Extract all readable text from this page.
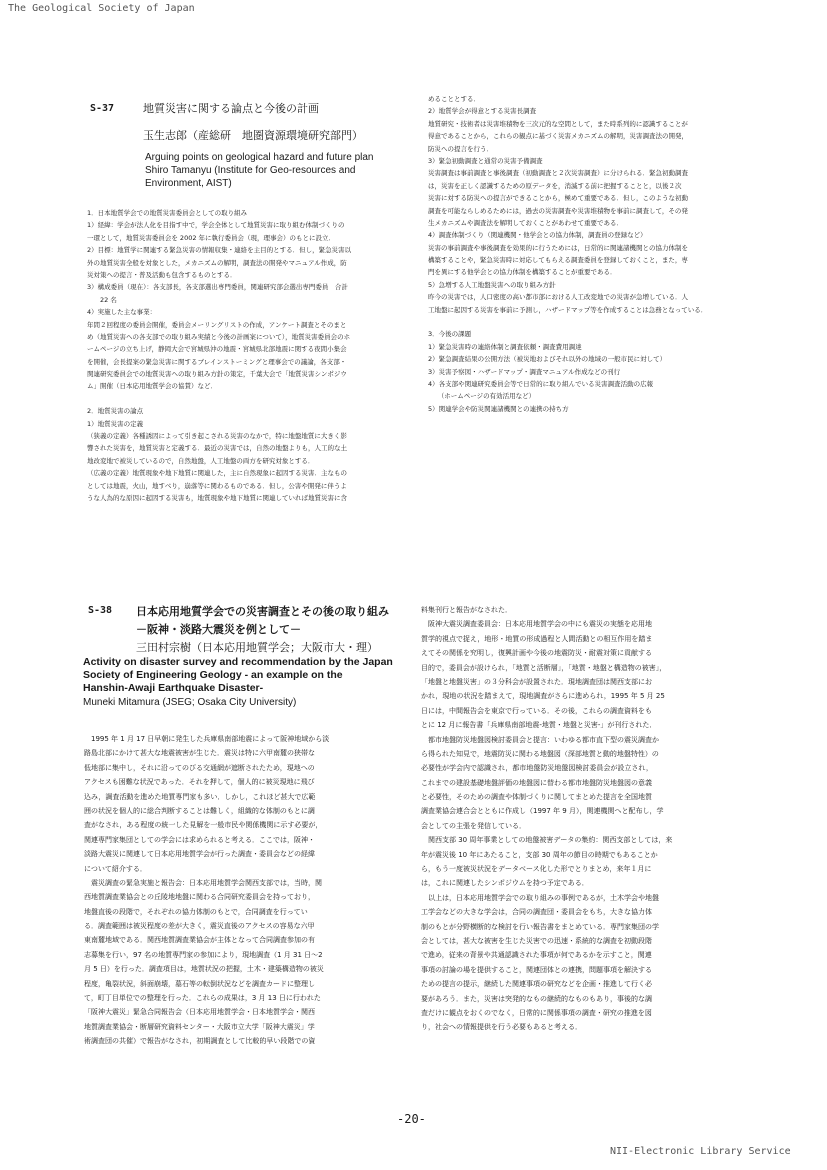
The Geological Society of Japan
-20-
NII-Electronic Library Service
S-37	地質災害に関する論点と今後の計画
玉生志郎（産総研　地圏資源環境研究部門）
Arguing points on geological hazard and future plan
Shiro Tamanyu (Institute for Geo-resources and
Environment, AIST)
1．日本地質学会での地質災害委員会としての取り組み
1）経緯：学会が法人化を目指す中で，学会全体として地質災害に取り組む体制づくりの
一環として，地質災害委員会を 2002 年に執行委員会（現，理事会）のもとに設立．
2）目標：地質学に関連する緊急災害の情報収集・連絡を主目的とする．但し，緊急災害以
外の地質災害全般を対象とした，メカニズムの解明，調査法の開発やマニュアル作成，防
災対策への提言・普及活動も包含するものとする．
3）構成委員（現在）：各支部長，各支部選出専門委員，関連研究部会選出専門委員　合計
　　22 名
4）実施した主な事業：
年間２回程度の委員会開催，委員会メーリングリストの作成，アンケート調査とそのまと
め（地質災害への各支部での取り組み実績と今後の計画案について），地質災害委員会のホ
ームページの立ち上げ，静岡大会で宮城県沖の地震・宮城県北部地震に関する夜間小集会
を開催，会長提案の緊急災害に関するブレインストーミングと理事会での議論，各支部・
関連研究委員会での地質災害への取り組み方針の策定，千葉大会で「地質災害シンポジウ
ム」開催（日本応用地質学会の協賛）など．
2．地質災害の論点
1）地質災害の定義
（狭義の定義）各種誘因によって引き起こされる災害のなかで，特に地盤地質に大きく影
響された災害を，地質災害と定義する．最近の災害では，自然の地盤よりも，人工的な土
地改変地で被災しているので，自然地盤，人工地盤の両方を研究対象とする．
（広義の定義）地質現象や地下地質に関連した，主に自然現象に起因する災害．主なもの
としては地震，火山，地すべり，崩落等に関わるものである．但し，公害や開発に伴うよ
うな人為的な原因に起因する災害も，地質現象や地下地質に関連していれば地質災害に含
めることとする．
2）地質学会が得意とする災害長調査
地質研究・技術者は災害堆積物を三次元的な空間として，また時系列的に認識することが
得意であることから，これらの観点に基づく災害メカニズムの解明，災害調査法の開発，
防災への提言を行う．
3）緊急初動調査と通常の災害予備調査
災害調査は事前調査と事後調査（初動調査と２次災害調査）に分けられる．緊急初動調査
は，災害を正しく認識するための原データを，消滅する前に把握することと，以後２次
災害に対する防災への提言ができることから，極めて重要である．但し，このような初動
調査を可能ならしめるためには，過去の災害調査や災害堆積物を事前に調査して，その発
生メカニズムや調査法を解明しておくことがあわせて重要である．
4）調査体制づくり（関連機関・他学会との協力体制，調査員の登録など）
災害の事前調査や事後調査を効果的に行うためには，日常的に関連諸機関との協力体制を
構築することや，緊急災害時に対応してもらえる調査委員を登録しておくこと，また，専
門を異にする他学会との協力体制を構築することが重要である．
5）急増する人工地盤災害への取り組み方針
昨今の災害では，人口密度の高い都市部における人工改変地での災害が急増している．人
工地盤に起因する災害を事前に予測し，ハザードマップ等を作成することは急務となっている．
3．今後の課題
1）緊急災害時の連絡体制と調査依頼・調査費用調達
2）緊急調査結果の公開方法（被災地およびそれ以外の地域の一般市民に対して）
3）災害予察図・ハザードマップ・調査マニュアル作成などの刊行
4）各支部や関連研究委員会等で日常的に取り組んでいる災害調査活動の広報
　　（ホームページの有効活用など）
5）関連学会や防災関連諸機関との連携の持ち方
S-38 日本応用地質学会での災害調査とその後の取り組み
－阪神・淡路大震災を例として－
三田村宗樹（日本応用地質学会；大阪市大・理）
Activity on disaster survey and recommendation by the Japan
Society of Engineering Geology - an example on the
Hanshin-Awaji Earthquake Disaster-
Muneki Mitamura (JSEG; Osaka City University)
　1995 年 1 月 17 日早朝に発生した兵庫県南部地震によって阪神地域から淡
路島北部にかけて甚大な地震被害が生じた．震災は特に六甲南麓の狭帯な
低地部に集中し，それに沿ってのびる交通網が遮断されたため，現地への
アクセスも困難な状況であった．それを押して，個人的に被災現地に飛び
込み，調査活動を進めた地質専門家も多い．しかし，これほど甚大で広範
囲の状況を個人的に総合判断することは難しく，組織的な体制のもとに調
査がなされ，ある程度の統一した見解を一般市民や関係機関に示す必要が，
関連専門家集団としての学会には求められると考える．ここでは，阪神・
淡路大震災に関連して日本応用地質学会が行った調査・委員会などの経緯
について紹介する．
　震災調査の緊急実施と報告会：日本応用地質学会関西支部では，当時，関
西地質調査業協会との丘陵地地盤に関わる合同研究委員会を持っており，
地盤直後の段階で，それぞれの協力体制のもとで，合同調査を行ってい
る．調査範囲は被災程度の差が大きく，震災直後のアクセスの容易な六甲
東南麓地域である．関西地質調査業協会が主体となって合同調査参加の有
志募集を行い，97 名の地質専門家の参加により，現地調査（1 月 31 日～2
月 5 日）を行った．調査項目は，地質状況の把握，土木・建築構造物の被災
程度，亀裂状況，斜面崩壊，墓石等の転倒状況などを調査カードに整理し
て，町丁目単位での整理を行った．これらの成果は，3 月 13 日に行われた
「阪神大震災」緊急合同報告会（日本応用地質学会・日本地質学会・関西
地質調査業協会・断層研究資料センター・大阪市立大学「阪神大震災」学
術調査団の共催）で報告がなされ，初期調査として比較的早い段階での資
料集刊行と報告がなされた．
　阪神大震災調査委員会：日本応用地質学会の中にも震災の実態を応用地
質学的視点で捉え，地形・地質の形成過程と人間活動との相互作用を踏ま
えてその関係を究明し，復興計画や今後の地震防災・耐震対策に貢献する
目的で，委員会が設けられ，「地質と活断層」，「地質・地盤と構造物の被害」，
「地盤と地盤災害」の３分科会が設置された．現地調査団は関西支部にお
かれ，現地の状況を踏まえて，現地調査がさらに進められ，1995 年 5 月 25
日には，中間報告会を東京で行っている．その後，これらの調査資料をも
とに 12 月に報告書「兵庫県南部地震-地質・地盤と災害-」が刊行された．
　都市地盤防災地盤図検討委員会と提言：いわゆる都市直下型の震災調査か
ら得られた知見で，地震防災に関わる地盤図（深部地質と動的地盤特性）の
必要性が学会内で認識され，都市地盤防災地盤図検討委員会が設立され，
これまでの建設基礎地盤評価の地盤図に替わる都市地盤防災地盤図の意義
と必要性，そのための調査や体制づくりに関してまとめた提言を全国地質
調査業協会連合会とともに作成し（1997 年 9 月），関連機関へと配布し，学
会としての主張を発信している．
　関西支部 30 周年事業としての地盤被害データの集約：関西支部としては，来
年が震災後 10 年にあたること，支部 30 周年の節目の時期でもあることか
ら，もう一度被災状況をデータベース化した形でとりまとめ，来年１月に
は，これに関連したシンポジウムを持つ予定である．
　以上は，日本応用地質学会での取り組みの事例であるが，土木学会や地盤
工学会などの大きな学会は，合同の調査団・委員会をもち，大きな協力体
制のもとが分野横断的な検討を行い報告書をまとめている．専門家集団の学
会としては，甚大な被害を生じた災害での迅速・系統的な調査を初動段階
で進め，従来の背景や共通認識された事項が何であるかを示すこと，関連
事項の討論の場を提供すること，関連団体との連携，問題事項を解決する
ための提言の提示，継続した関連事項の研究などを企画・推進して行く必
要があろう．また，災害は突発的なもの継続的なものもあり，事後的な調
査だけに観点をおくのでなく，日常的に関係事項の調査・研究の推進を図
り，社会への情報提供を行う必要もあると考える．
